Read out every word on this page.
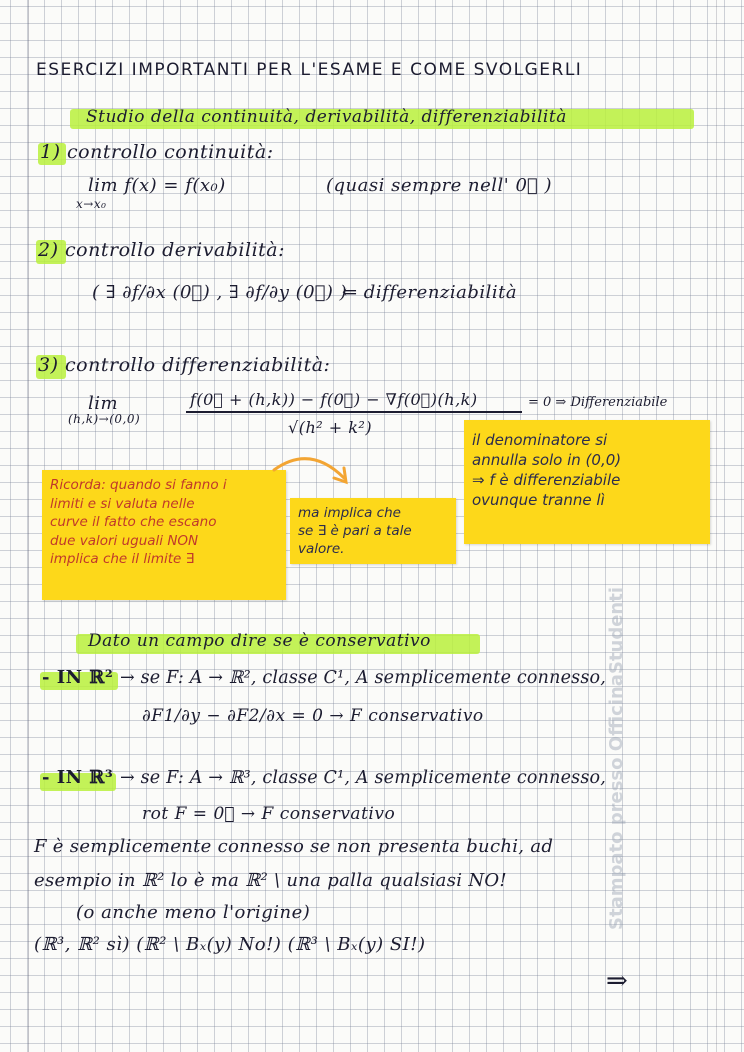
ESERCIZI IMPORTANTI PER L'ESAME E COME SVOLGERLI
Studio della continuità, derivabilità, differenziabilità
1) controllo continuità:
lim f(x) = f(x₀)
x→x₀
(quasi sempre nell' 0⃗ )
2) controllo derivabilità:
( ∃ ∂f/∂x (0⃗) , ∃ ∂f/∂y (0⃗) )
⇐ differenziabilità
3) controllo differenziabilità:
lim
(h,k)→(0,0)
f(0⃗ + (h,k)) − f(0⃗) − ∇f(0⃗)(h,k)
√(h² + k²)
= 0 ⇒ Differenziabile
Ricorda: quando si fanno i
limiti e si valuta nelle
curve il fatto che escano
due valori uguali NON
implica che il limite ∃
ma implica che
se ∃ è pari a tale
valore.
il denominatore si
annulla solo in (0,0)
⇒ f è differenziabile
ovunque tranne lì
Dato un campo dire se è conservativo
- IN ℝ² → se F: A → ℝ², classe C¹, A semplicemente connesso,
∂F1/∂y − ∂F2/∂x = 0 → F conservativo
- IN ℝ³ → se F: A → ℝ³, classe C¹, A semplicemente connesso,
rot F = 0⃗ → F conservativo
F è semplicemente connesso se non presenta buchi, ad
esempio in ℝ² lo è ma ℝ² \ una palla qualsiasi NO!
(o anche meno l'origine)
(ℝ³, ℝ² sì) (ℝ² \ Bₓ(y) No!) (ℝ³ \ Bₓ(y) SI!)
⇒
Stampato presso OfficinaStudenti
